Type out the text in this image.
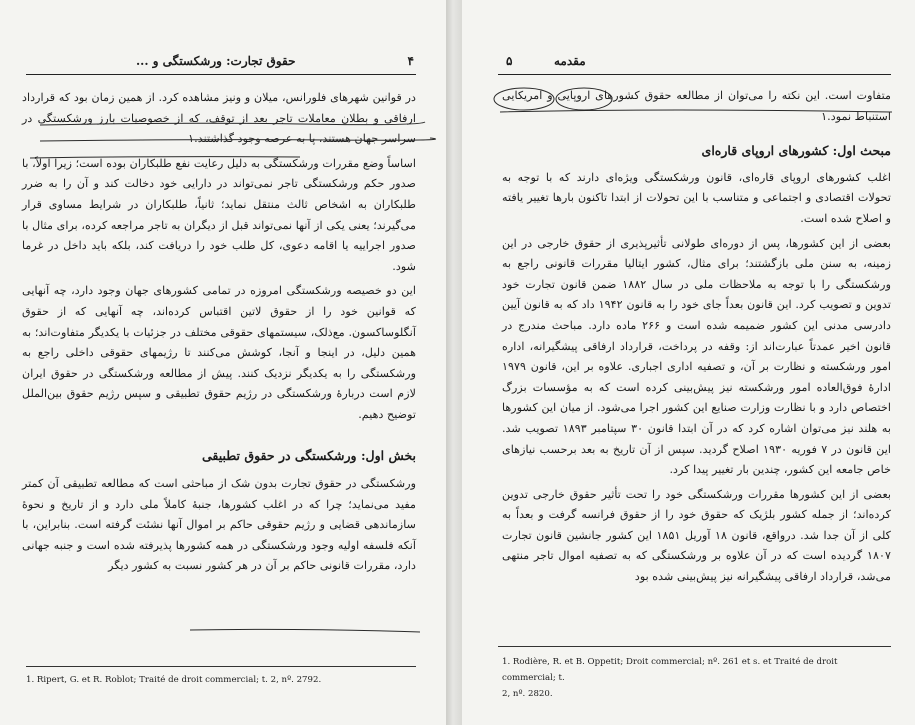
۴
حقوق تجارت: ورشکستگی و ...

در قوانین شهرهای فلورانس، میلان و ونیز مشاهده کرد. از همین زمان بود که قرارداد ارفاقی و بطلان معاملات تاجر بعد از توقف، که از خصوصیات بارز ورشکستگی در سراسر جهان هستند، پا به عرصه وجود گذاشتند.۱

اساساً وضع مقررات ورشکستگی به دلیل رعایت نفع طلبکاران بوده است؛ زیرا اولاً، با صدور حکم ورشکستگی تاجر نمی‌تواند در دارایی خود دخالت کند و آن را به ضرر طلبکاران به اشخاص ثالث منتقل نماید؛ ثانیاً، طلبکاران در شرایط مساوی قرار می‌گیرند؛ یعنی یکی از آنها نمی‌تواند قبل از دیگران به تاجر مراجعه کرده، برای مثال با صدور اجراییه یا اقامه دعوی، کل طلب خود را دریافت کند، بلکه باید داخل در غرما شود.

این دو خصیصه ورشکستگی امروزه در تمامی کشورهای جهان وجود دارد، چه آنهایی که قوانین خود را از حقوق لاتین اقتباس کرده‌اند، چه آنهایی که از حقوق آنگلوساکسون. مع‌ذلک، سیستمهای حقوقی مختلف در جزئیات با یکدیگر متفاوت‌اند؛ به همین دلیل، در اینجا و آنجا، کوشش می‌کنند تا رژیمهای حقوقی داخلی راجع به ورشکستگی را به یکدیگر نزدیک کنند. پیش از مطالعه ورشکستگی در حقوق ایران لازم است دربارهٔ ورشکستگی در رژیم حقوق تطبیقی و سپس رژیم حقوق بین‌الملل توضیح دهیم.

بخش اول: ورشکستگی در حقوق تطبیقی

ورشکستگی در حقوق تجارت بدون شک از مباحثی است که مطالعه تطبیقی آن کمتر مفید می‌نماید؛ چرا که در اغلب کشورها، جنبهٔ کاملاً ملی دارد و از تاریخ و نحوهٔ سازماندهی قضایی و رژیم حقوقی حاکم بر اموال آنها نشئت گرفته است. بنابراین، با آنکه فلسفه اولیه وجود ورشکستگی در همه کشورها پذیرفته شده است و جنبه جهانی دارد، مقررات قانونی حاکم بر آن در هر کشور نسبت به کشور دیگر

1. Ripert, G. et R. Roblot; Traité de droit commercial; t. 2, nº. 2792.
۵	مقدمه

متفاوت است. این نکته را می‌توان از مطالعه حقوق کشورهای اروپایی و امریکایی استنباط نمود.۱

مبحث اول: کشورهای اروپای قاره‌ای

اغلب کشورهای اروپای قاره‌ای، قانون ورشکستگی ویژه‌ای دارند که با توجه به تحولات اقتصادی و اجتماعی و متناسب با این تحولات از ابتدا تاکنون بارها تغییر یافته و اصلاح شده است.

بعضی از این کشورها، پس از دوره‌ای طولانی تأثیرپذیری از حقوق خارجی در این زمینه، به سنن ملی بازگشتند؛ برای مثال، کشور ایتالیا مقررات قانونی راجع به ورشکستگی را با توجه به ملاحظات ملی در سال ۱۸۸۲ ضمن قانون تجارت خود تدوین و تصویب کرد. این قانون بعداً جای خود را به قانون ۱۹۴۲ داد که به قانون آیین دادرسی مدنی این کشور ضمیمه شده است و ۲۶۶ ماده دارد. مباحث مندرج در قانون اخیر عمدتاً عبارت‌اند از: وقفه در پرداخت، قرارداد ارفاقی پیشگیرانه، اداره امور ورشکسته و نظارت بر آن، و تصفیه اداری اجباری. علاوه بر این، قانون ۱۹۷۹ ادارهٔ فوق‌العاده امور ورشکسته نیز پیش‌بینی کرده است که به مؤسسات بزرگ اختصاص دارد و با نظارت وزارت صنایع این کشور اجرا می‌شود. از میان این کشورها به هلند نیز می‌توان اشاره کرد که در آن ابتدا قانون ۳۰ سپتامبر ۱۸۹۳ تصویب شد. این قانون در ۷ فوریه ۱۹۳۰ اصلاح گردید. سپس از آن تاریخ به بعد برحسب نیازهای خاص جامعه این کشور، چندین بار تغییر پیدا کرد.

بعضی از این کشورها مقررات ورشکستگی خود را تحت تأثیر حقوق خارجی تدوین کرده‌اند؛ از جمله کشور بلژیک که حقوق خود را از حقوق فرانسه گرفت و بعداً به کلی از آن جدا شد. درواقع، قانون ۱۸ آوریل ۱۸۵۱ این کشور جانشین قانون تجارت ۱۸۰۷ گردیده است که در آن علاوه بر ورشکستگی که به تصفیه اموال تاجر منتهی می‌شد، قرارداد ارفاقی پیشگیرانه نیز پیش‌بینی شده بود

1. Rodière, R. et B. Oppetit; Droit commercial; nº. 261 et s. et Traité de droit commercial; t.
2, nº. 2820.
